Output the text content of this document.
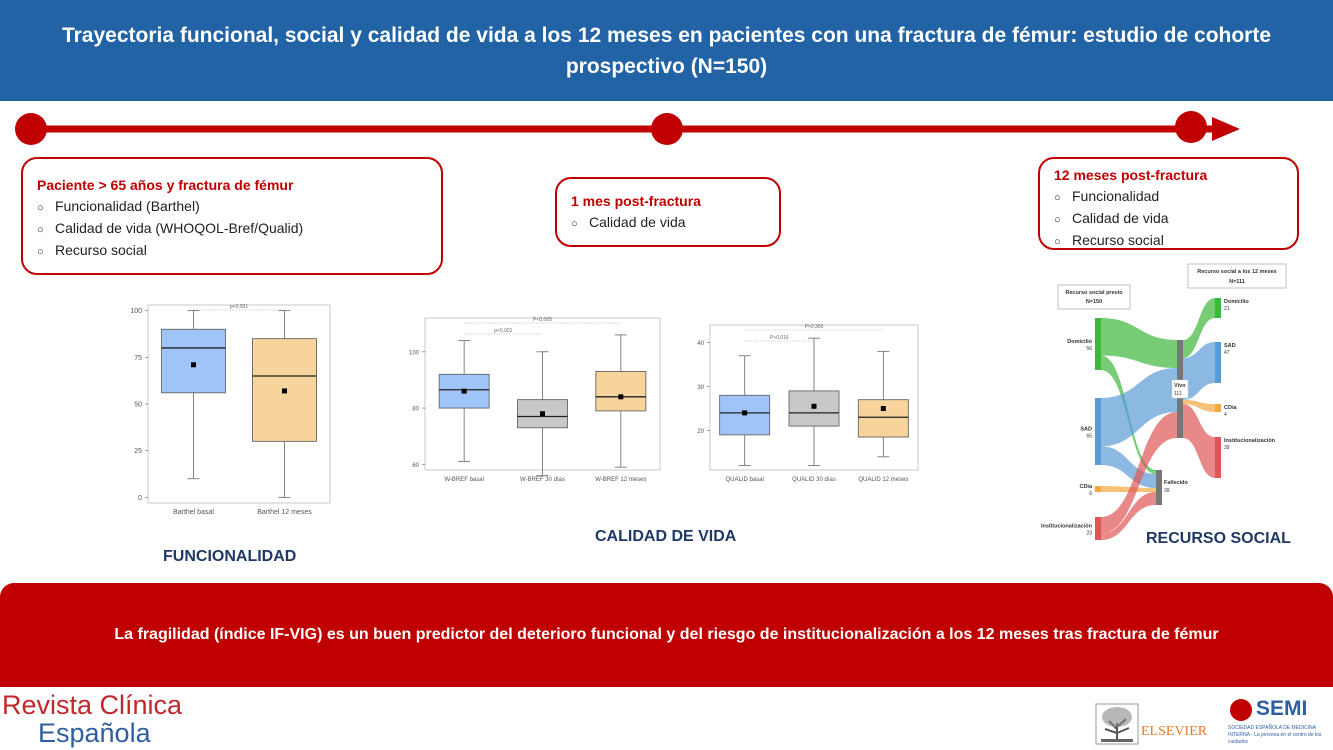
Trayectoria funcional, social y calidad de vida a los 12 meses en pacientes con una fractura de fémur: estudio de cohorte prospectivo (N=150)
Paciente > 65 años y fractura de fémur
○ Funcionalidad (Barthel)
○ Calidad de vida (WHOQOL-Bref/Qualid)
○ Recurso social
1 mes post-fractura
○ Calidad de vida
12 meses post-fractura
○ Funcionalidad
○ Calidad de vida
○ Recurso social
0
25
50
75
100
p<0,001
Barthel basal	Barthel 12 meses
60
80
100
P<0,005
p<0,001
W-BREF basal	W-BREF 30 días	W-BREF 12 meses
20
30
40
P<0,360
P<0,016
QUALID basal	QUALID 30 días	QUALID 12 meses
Recurso social previo
N=150
Recurso social a los 12 meses
N=111
Domicilio
56
SAD
65
CDía
6
Institucionalización
23
Vivo
111
Fallecido
39
Domicilio
21
SAD
47
CDía
4
Institucionalización
39
FUNCIONALIDAD
CALIDAD DE VIDA	RECURSO SOCIAL

La fragilidad (índice IF-VIG) es un buen predictor del deterioro funcional y del riesgo de institucionalización a los 12 meses tras fractura de fémur

Revista Clínica
Española	ELSEVIER
SEMI
SOCIEDAD ESPAÑOLA DE MEDICINA INTERNA · La persona en el centro de los cuidados
